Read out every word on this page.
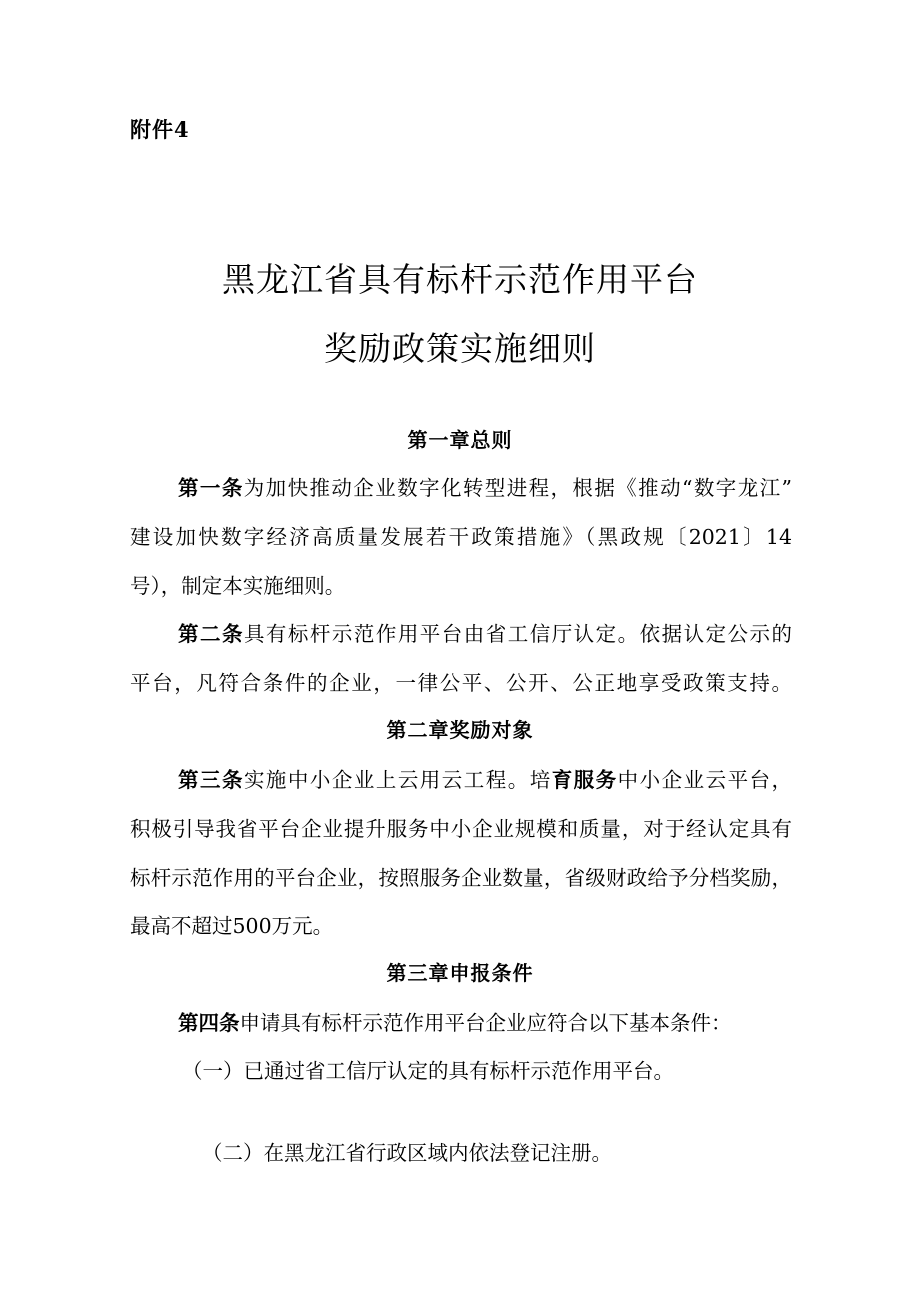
附件4
黑龙江省具有标杆示范作用平台
奖励政策实施细则
第一章总则
第一条为加快推动企业数字化转型进程，根据《推动“数字龙江”
建设加快数字经济高质量发展若干政策措施》（黑政规〔2021〕14
号），制定本实施细则。
第二条具有标杆示范作用平台由省工信厅认定。依据认定公示的
平台，凡符合条件的企业，一律公平、公开、公正地享受政策支持。
第二章奖励对象
第三条实施中小企业上云用云工程。培育服务中小企业云平台，
积极引导我省平台企业提升服务中小企业规模和质量，对于经认定具有
标杆示范作用的平台企业，按照服务企业数量，省级财政给予分档奖励，
最高不超过500万元。
第三章申报条件
第四条申请具有标杆示范作用平台企业应符合以下基本条件：
（一）已通过省工信厅认定的具有标杆示范作用平台。
（二）在黑龙江省行政区域内依法登记注册。
